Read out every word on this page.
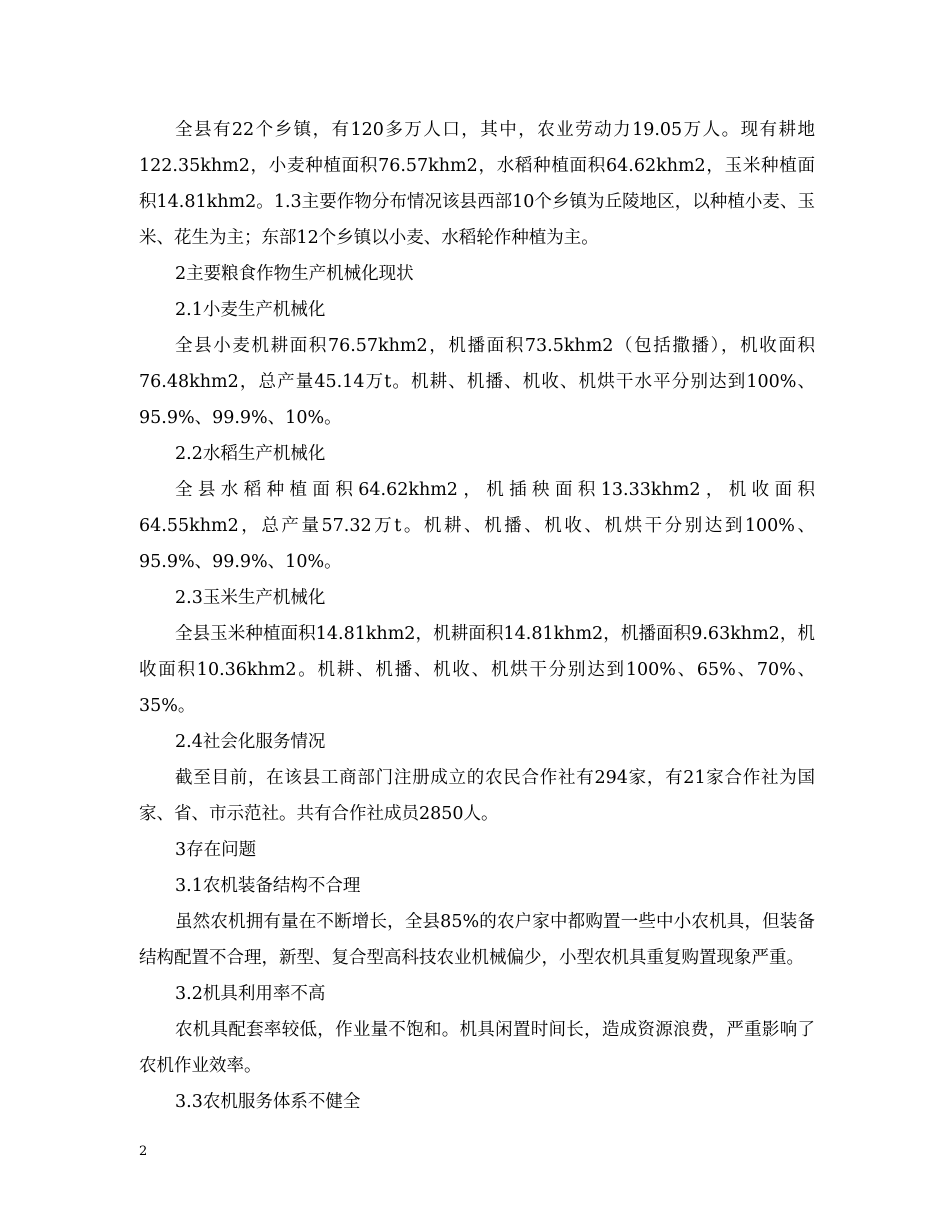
全县有22个乡镇，有120多万人口，其中，农业劳动力19.05万人。现有耕地122.35khm2，小麦种植面积76.57khm2，水稻种植面积64.62khm2，玉米种植面积14.81khm2。1.3主要作物分布情况该县西部10个乡镇为丘陵地区，以种植小麦、玉米、花生为主；东部12个乡镇以小麦、水稻轮作种植为主。

2主要粮食作物生产机械化现状

2.1小麦生产机械化

全县小麦机耕面积76.57khm2，机播面积73.5khm2（包括撒播），机收面积76.48khm2，总产量45.14万t。机耕、机播、机收、机烘干水平分别达到100%、95.9%、99.9%、10%。

2.2水稻生产机械化

全县水稻种植面积64.62khm2，机插秧面积13.33khm2，机收面积64.55khm2，总产量57.32万t。机耕、机播、机收、机烘干分别达到100%、95.9%、99.9%、10%。

2.3玉米生产机械化

全县玉米种植面积14.81khm2，机耕面积14.81khm2，机播面积9.63khm2，机收面积10.36khm2。机耕、机播、机收、机烘干分别达到100%、65%、70%、35%。

2.4社会化服务情况

截至目前，在该县工商部门注册成立的农民合作社有294家，有21家合作社为国家、省、市示范社。共有合作社成员2850人。

3存在问题

3.1农机装备结构不合理

虽然农机拥有量在不断增长，全县85%的农户家中都购置一些中小农机具，但装备结构配置不合理，新型、复合型高科技农业机械偏少，小型农机具重复购置现象严重。

3.2机具利用率不高

农机具配套率较低，作业量不饱和。机具闲置时间长，造成资源浪费，严重影响了农机作业效率。

3.3农机服务体系不健全

2
